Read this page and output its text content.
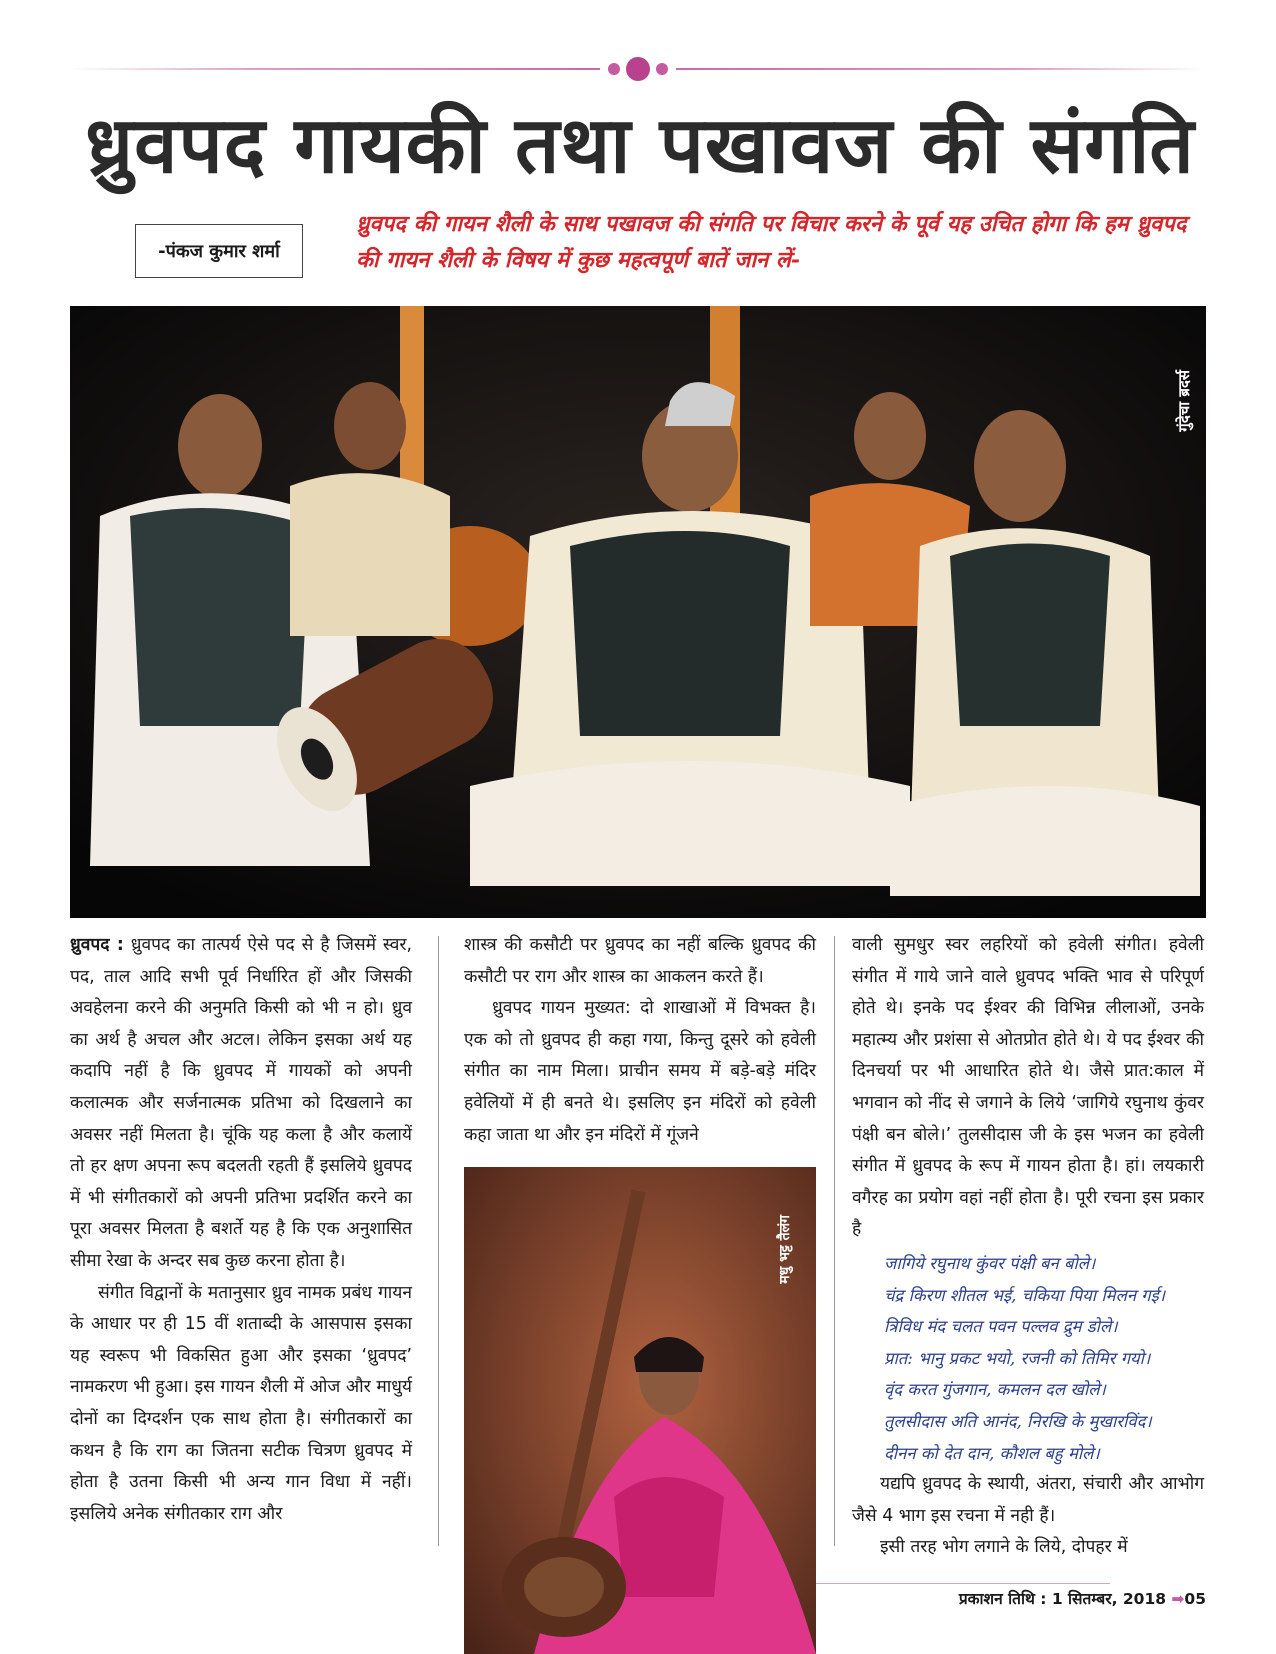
ध्रुवपद गायकी तथा पखावज की संगति
-पंकज कुमार शर्मा

ध्रुवपद की गायन शैली के साथ पखावज की संगति पर विचार करने के पूर्व यह उचित होगा कि हम ध्रुवपद की गायन शैली के विषय में कुछ महत्वपूर्ण बातें जान लें-

गुंदेचा ब्रदर्स

ध्रुवपद : ध्रुवपद का तात्पर्य ऐसे पद से है जिसमें स्वर, पद, ताल आदि सभी पूर्व निर्धारित हों और जिसकी अवहेलना करने की अनुमति किसी को भी न हो। ध्रुव का अर्थ है अचल और अटल। लेकिन इसका अर्थ यह कदापि नहीं है कि ध्रुवपद में गायकों को अपनी कलात्मक और सर्जनात्मक प्रतिभा को दिखलाने का अवसर नहीं मिलता है। चूंकि यह कला है और कलायें तो हर क्षण अपना रूप बदलती रहती हैं इसलिये ध्रुवपद में भी संगीतकारों को अपनी प्रतिभा प्रदर्शित करने का पूरा अवसर मिलता है बशर्ते यह है कि एक अनुशासित सीमा रेखा के अन्दर सब कुछ करना होता है।

संगीत विद्वानों के मतानुसार ध्रुव नामक प्रबंध गायन के आधार पर ही 15 वीं शताब्दी के आसपास इसका यह स्वरूप भी विकसित हुआ और इसका ‘ध्रुवपद’ नामकरण भी हुआ। इस गायन शैली में ओज और माधुर्य दोनों का दिग्दर्शन एक साथ होता है। संगीतकारों का कथन है कि राग का जितना सटीक चित्रण ध्रुवपद में होता है उतना किसी भी अन्य गान विधा में नहीं। इसलिये अनेक संगीतकार राग और

शास्त्र की कसौटी पर ध्रुवपद का नहीं बल्कि ध्रुवपद की कसौटी पर राग और शास्त्र का आकलन करते हैं।

ध्रुवपद गायन मुख्यत: दो शाखाओं में विभक्त है। एक को तो ध्रुवपद ही कहा गया, किन्तु दूसरे को हवेली संगीत का नाम मिला। प्राचीन समय में बड़े-बड़े मंदिर हवेलियों में ही बनते थे। इसलिए इन मंदिरों को हवेली कहा जाता था और इन मंदिरों में गूंजने

मधु भट्ट तैलंग

वाली सुमधुर स्वर लहरियों को हवेली संगीत। हवेली संगीत में गाये जाने वाले ध्रुवपद भक्ति भाव से परिपूर्ण होते थे। इनके पद ईश्वर की विभिन्न लीलाओं, उनके महात्म्य और प्रशंसा से ओतप्रोत होते थे। ये पद ईश्वर की दिनचर्या पर भी आधारित होते थे। जैसे प्रात:काल में भगवान को नींद से जगाने के लिये ‘जागिये रघुनाथ कुंवर पंक्षी बन बोले।’ तुलसीदास जी के इस भजन का हवेली संगीत में ध्रुवपद के रूप में गायन होता है। हां। लयकारी वगैरह का प्रयोग वहां नहीं होता है। पूरी रचना इस प्रकार है

जागिये रघुनाथ कुंवर पंक्षी बन बोले।
चंद्र किरण शीतल भई, चकिया पिया मिलन गई।
त्रिविध मंद चलत पवन पल्लव द्रुम डोले।
प्रात: भानु प्रकट भयो, रजनी को तिमिर गयो।
वृंद करत गुंजगान, कमलन दल खोले।
तुलसीदास अति आनंद, निरखि के मुखारविंद।
दीनन को देत दान, कौशल बहु मोले।

यद्यपि ध्रुवपद के स्थायी, अंतरा, संचारी और आभोग जैसे 4 भाग इस रचना में नही हैं।

इसी तरह भोग लगाने के लिये, दोपहर में

प्रकाशन तिथि : 1 सितम्बर, 2018 ➡05
